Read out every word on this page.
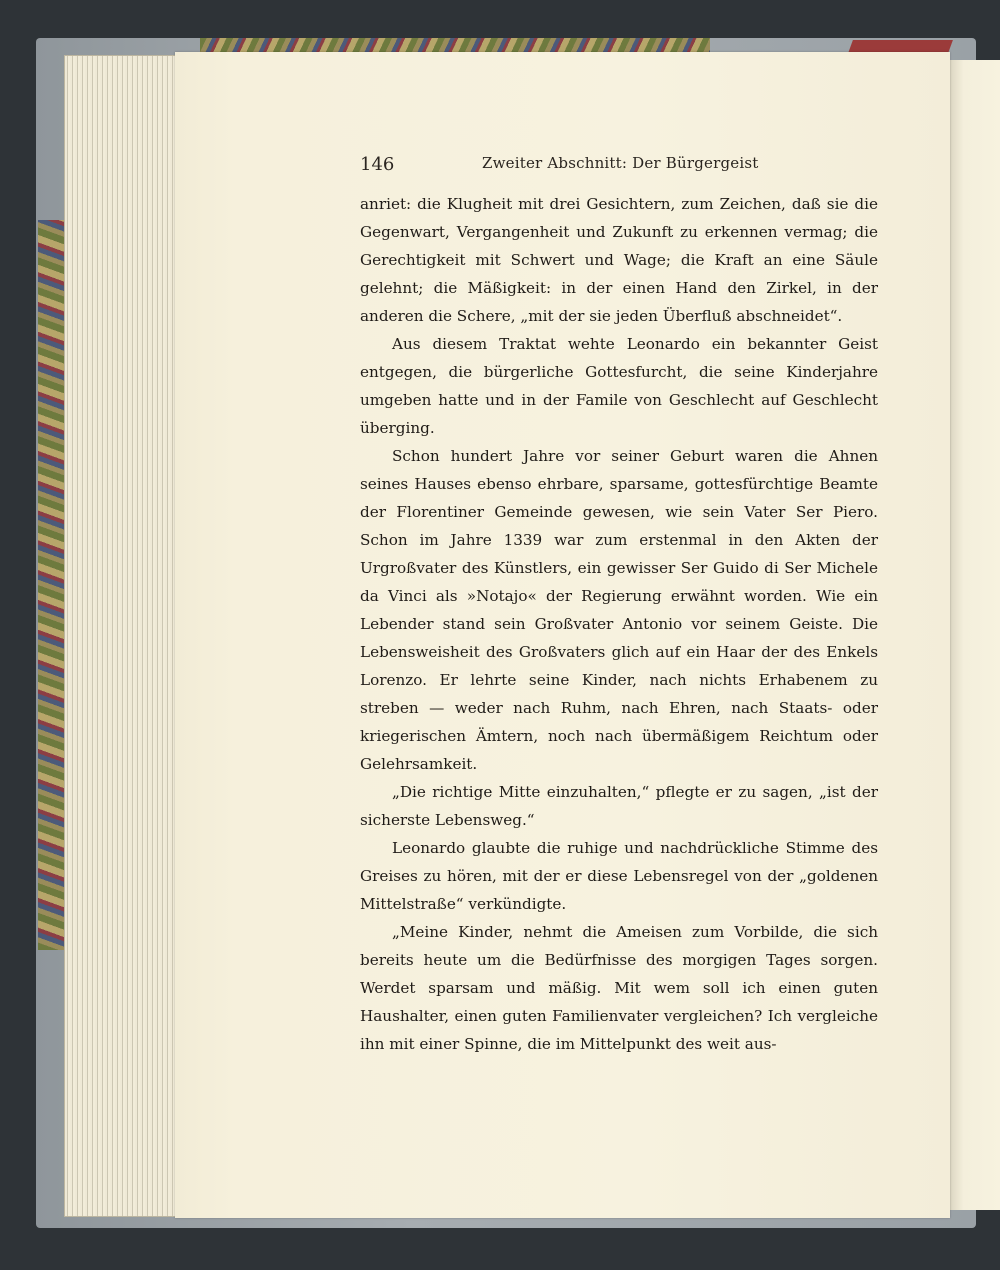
146	Zweiter Abschnitt: Der Bürgergeist

anriet: die Klugheit mit drei Gesichtern, zum Zeichen, daß sie die Gegenwart, Vergangenheit und Zukunft zu erkennen vermag; die Gerechtigkeit mit Schwert und Wage; die Kraft an eine Säule gelehnt; die Mäßigkeit: in der einen Hand den Zirkel, in der anderen die Schere, „mit der sie jeden Überfluß abschneidet“.

Aus diesem Traktat wehte Leonardo ein bekannter Geist entgegen, die bürgerliche Gottesfurcht, die seine Kinderjahre umgeben hatte und in der Famile von Geschlecht auf Geschlecht überging.

Schon hundert Jahre vor seiner Geburt waren die Ahnen seines Hauses ebenso ehrbare, sparsame, gottesfürchtige Beamte der Florentiner Gemeinde gewesen, wie sein Vater Ser Piero. Schon im Jahre 1339 war zum erstenmal in den Akten der Urgroßvater des Künstlers, ein gewisser Ser Guido di Ser Michele da Vinci als »Notajo« der Regierung erwähnt worden. Wie ein Lebender stand sein Großvater Antonio vor seinem Geiste. Die Lebensweisheit des Großvaters glich auf ein Haar der des Enkels Lorenzo. Er lehrte seine Kinder, nach nichts Erhabenem zu streben — weder nach Ruhm, nach Ehren, nach Staats- oder kriegerischen Ämtern, noch nach übermäßigem Reichtum oder Gelehrsamkeit.

„Die richtige Mitte einzuhalten,“ pflegte er zu sagen, „ist der sicherste Lebensweg.“

Leonardo glaubte die ruhige und nachdrückliche Stimme des Greises zu hören, mit der er diese Lebensregel von der „goldenen Mittelstraße“ verkündigte.

„Meine Kinder, nehmt die Ameisen zum Vorbilde, die sich bereits heute um die Bedürfnisse des morgigen Tages sorgen. Werdet sparsam und mäßig. Mit wem soll ich einen guten Haushalter, einen guten Familienvater vergleichen? Ich vergleiche ihn mit einer Spinne, die im Mittelpunkt des weit aus-
